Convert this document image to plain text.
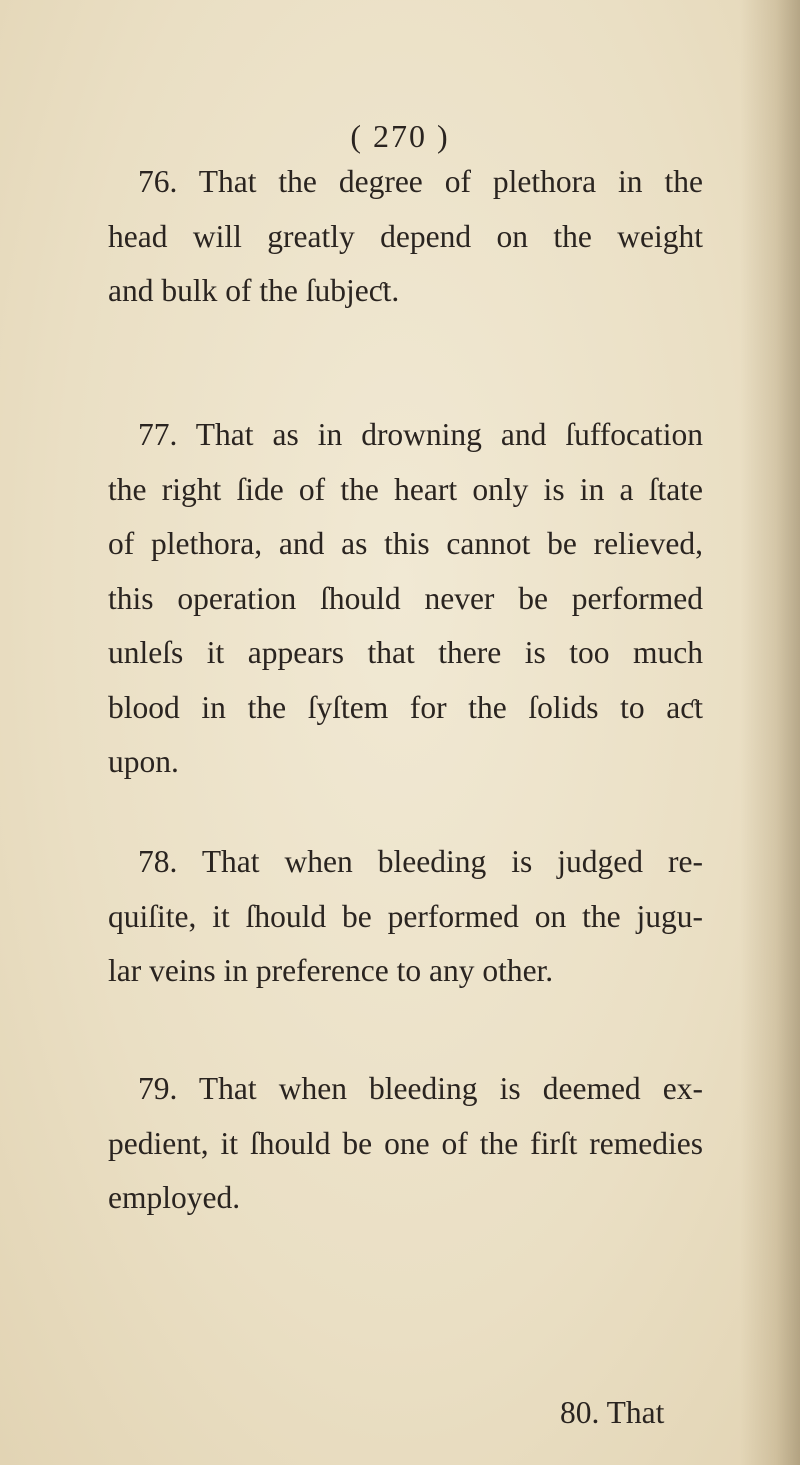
( 270 )
76. That the degree of plethora in the
head will greatly depend on the weight
and bulk of the ſubjeƈt.
77. That as in drowning and ſuffocation
the right ſide of the heart only is in a ſtate
of plethora, and as this cannot be relieved,
this operation ſhould never be performed
unleſs it appears that there is too much
blood in the ſyſtem for the ſolids to aƈt
upon.
78. That when bleeding is judged re-
quiſite, it ſhould be performed on the jugu-
lar veins in preference to any other.
79. That when bleeding is deemed ex-
pedient, it ſhould be one of the firſt remedies
employed.
80. That
